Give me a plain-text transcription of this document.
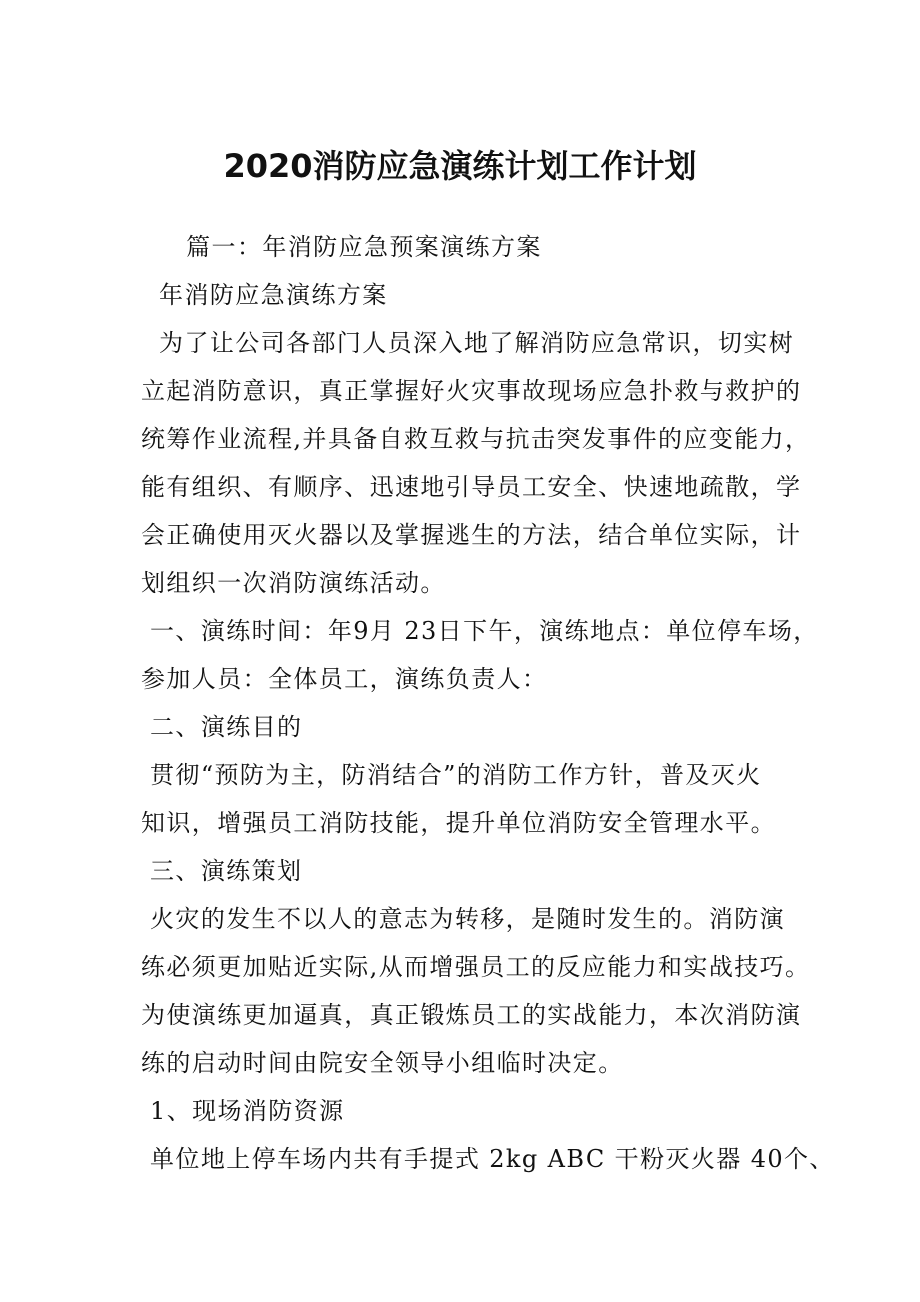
2020消防应急演练计划工作计划
篇一：年消防应急预案演练方案
年消防应急演练方案
为了让公司各部门人员深入地了解消防应急常识，切实树
立起消防意识，真正掌握好火灾事故现场应急扑救与救护的
统筹作业流程,并具备自救互救与抗击突发事件的应变能力，
能有组织、有顺序、迅速地引导员工安全、快速地疏散，学
会正确使用灭火器以及掌握逃生的方法，结合单位实际，计
划组织一次消防演练活动。
一、演练时间：年9月 23日下午，演练地点：单位停车场，
参加人员：全体员工，演练负责人：
二、演练目的
贯彻“预防为主，防消结合”的消防工作方针，普及灭火
知识，增强员工消防技能，提升单位消防安全管理水平。
三、演练策划
火灾的发生不以人的意志为转移，是随时发生的。消防演
练必须更加贴近实际,从而增强员工的反应能力和实战技巧。
为使演练更加逼真，真正锻炼员工的实战能力，本次消防演
练的启动时间由院安全领导小组临时决定。
1、现场消防资源
单位地上停车场内共有手提式 2kg ABC 干粉灭火器 40个、
